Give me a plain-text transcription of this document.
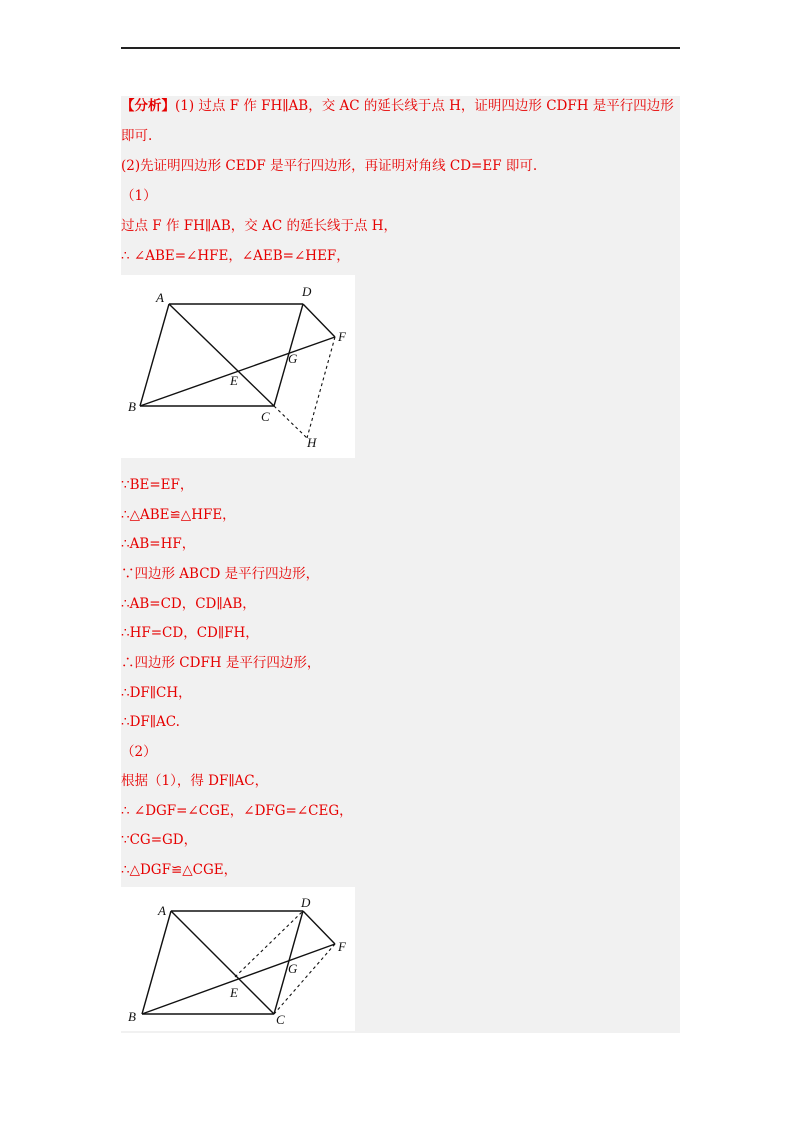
【分析】(1) 过点 F 作 FH∥AB，交 AC 的延长线于点 H，证明四边形 CDFH 是平行四边形
即可.
(2)先证明四边形 CEDF 是平行四边形，再证明对角线 CD=EF 即可.
（1）
过点 F 作 FH∥AB，交 AC 的延长线于点 H，
∴ ∠ABE=∠HFE，∠AEB=∠HEF，
A	D
F
G
E
B
C
H
∵BE=EF，
∴△ABE≌△HFE，
∴AB=HF，
∵四边形 ABCD 是平行四边形，
∴AB=CD，CD∥AB，
∴HF=CD，CD∥FH，
∴四边形 CDFH 是平行四边形，
∴DF∥CH，
∴DF∥AC.
（2）
根据（1），得 DF∥AC，
∴ ∠DGF=∠CGE，∠DFG=∠CEG，
∵CG=GD，
∴△DGF≌△CGE，
A
D
F
G
E
B	C
